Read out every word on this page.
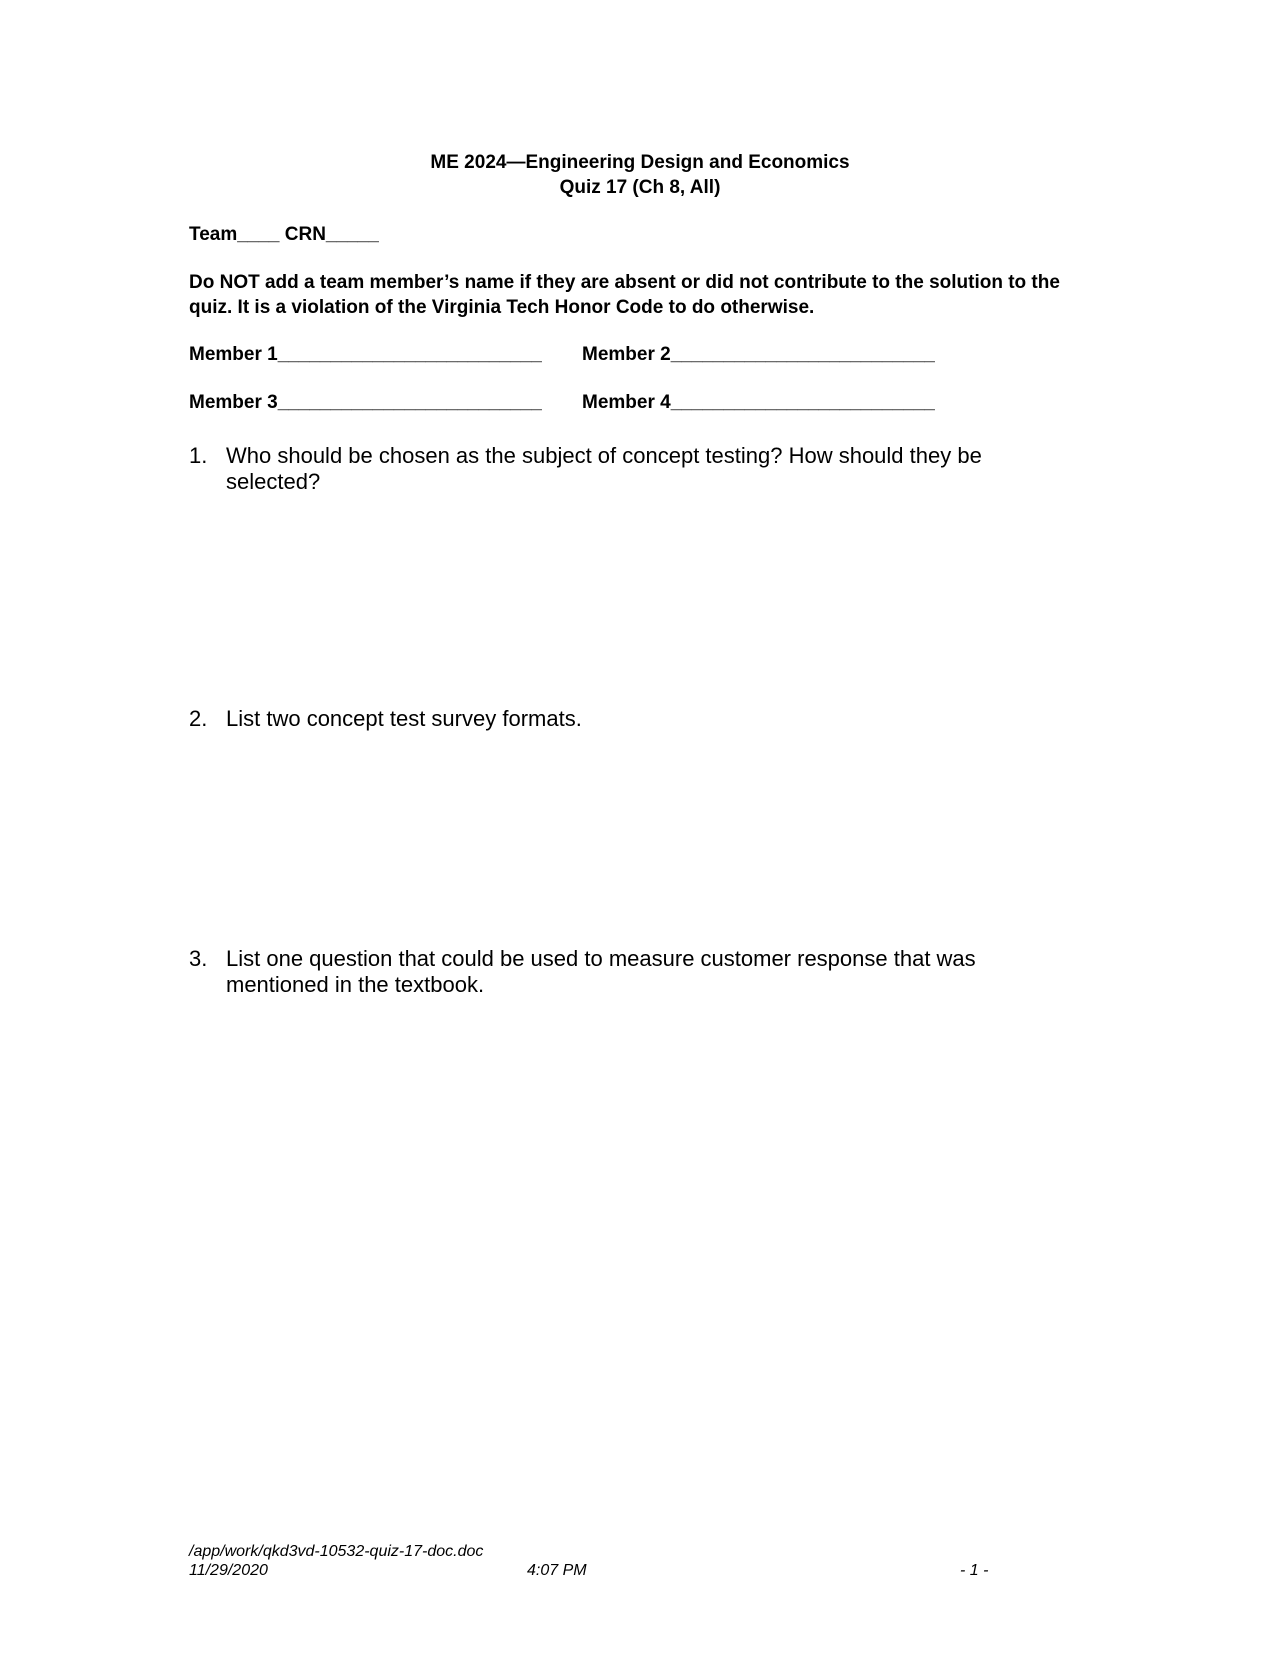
ME 2024—Engineering Design and Economics
Quiz 17 (Ch 8, All)
Team____ CRN_____
Do NOT add a team member’s name if they are absent or did not contribute to the solution to the quiz. It is a violation of the Virginia Tech Honor Code to do otherwise.
Member 1_________________________ Member 2_________________________
Member 3_________________________ Member 4_________________________
1. Who should be chosen as the subject of concept testing? How should they be selected?
2. List two concept test survey formats.
3. List one question that could be used to measure customer response that was mentioned in the textbook.
/app/work/qkd3vd-10532-quiz-17-doc.doc
11/29/2020	4:07 PM	- 1 -
